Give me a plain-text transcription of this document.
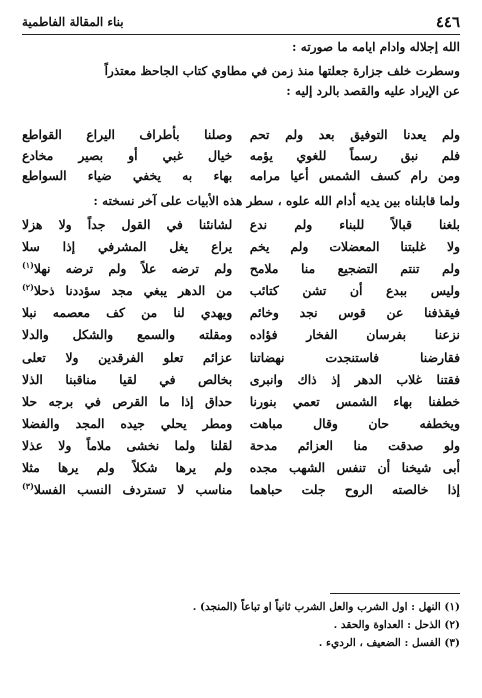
٤٤٦
بناء المقالة الفاطمية
الله إجلاله وادام ايامه ما صورته :
وسطرت خلف جزارة جعلتها منذ زمن في مطاوي كتاب الجاحظ معتذراً
عن الإيراد عليه والقصد بالرد إليه :
ولم يعدنا التوفيق بعد ولم تحم
وصلنا بأطراف اليراع القواطع
فلم نبق رسماً للغوي يؤمه
خيال غبي أو بصير مخادع
ومن رام كسف الشمس أعيا مرامه
بهاء به يخفي ضياء السواطع
ولما قابلناه بين يديه أدام الله علوه ، سطر هذه الأبيات على آخر نسخته :
بلغنا قبالاً للبناء ولم ندع
لشانئنا في القول جداً ولا هزلا
ولا غلبتنا المعضلات ولم يخم
يراع يغل المشرفي إذا سلا
ولم تنتم التضجيع منا ملامح
ولم ترضه علاً ولم ترضه نهلا$^{(١)}$
وليس ببدع أن تشن كتائب
من الدهر يبغي مجد سؤددنا ذحلا$^{(٢)}$
فيقذفنا عن قوس نجد وخائم
ويهدي لنا من كف معصمه نبلا
نزعنا بفرسان الفخار فؤاده
ومقلته والسمع والشكل والدلا
فقارضنا فاستنجدت نهضاتنا
عزائم تعلو الفرقدين ولا تعلى
فقتنا غلاب الدهر إذ ذاك وانبرى
بخالص في لقيا مناقبنا الذلا
خطفنا بهاء الشمس تعمي بنورنا
حداق إذا ما القرص في برجه حلا
ويخطفه حان وقال مباهت
ومطر يحلي جيده المجد والفضلا
ولو صدقت منا العزائم مدحة
لقلنا ولما نخشى ملاماً ولا عذلا
أبى شيخنا أن تنفس الشهب مجده
ولم يرها شكلاً ولم يرها مثلا
إذا خالصته الروح جلت حباهما
مناسب لا تستردف النسب الفسلا$^{(٣)}$
(١) النهل : اول الشرب والعل الشرب ثانياً او تباعاً (المنجد) .
(٢) الذحل : العداوة والحقد .
(٣) الفسل : الضعيف ، الرديء .
